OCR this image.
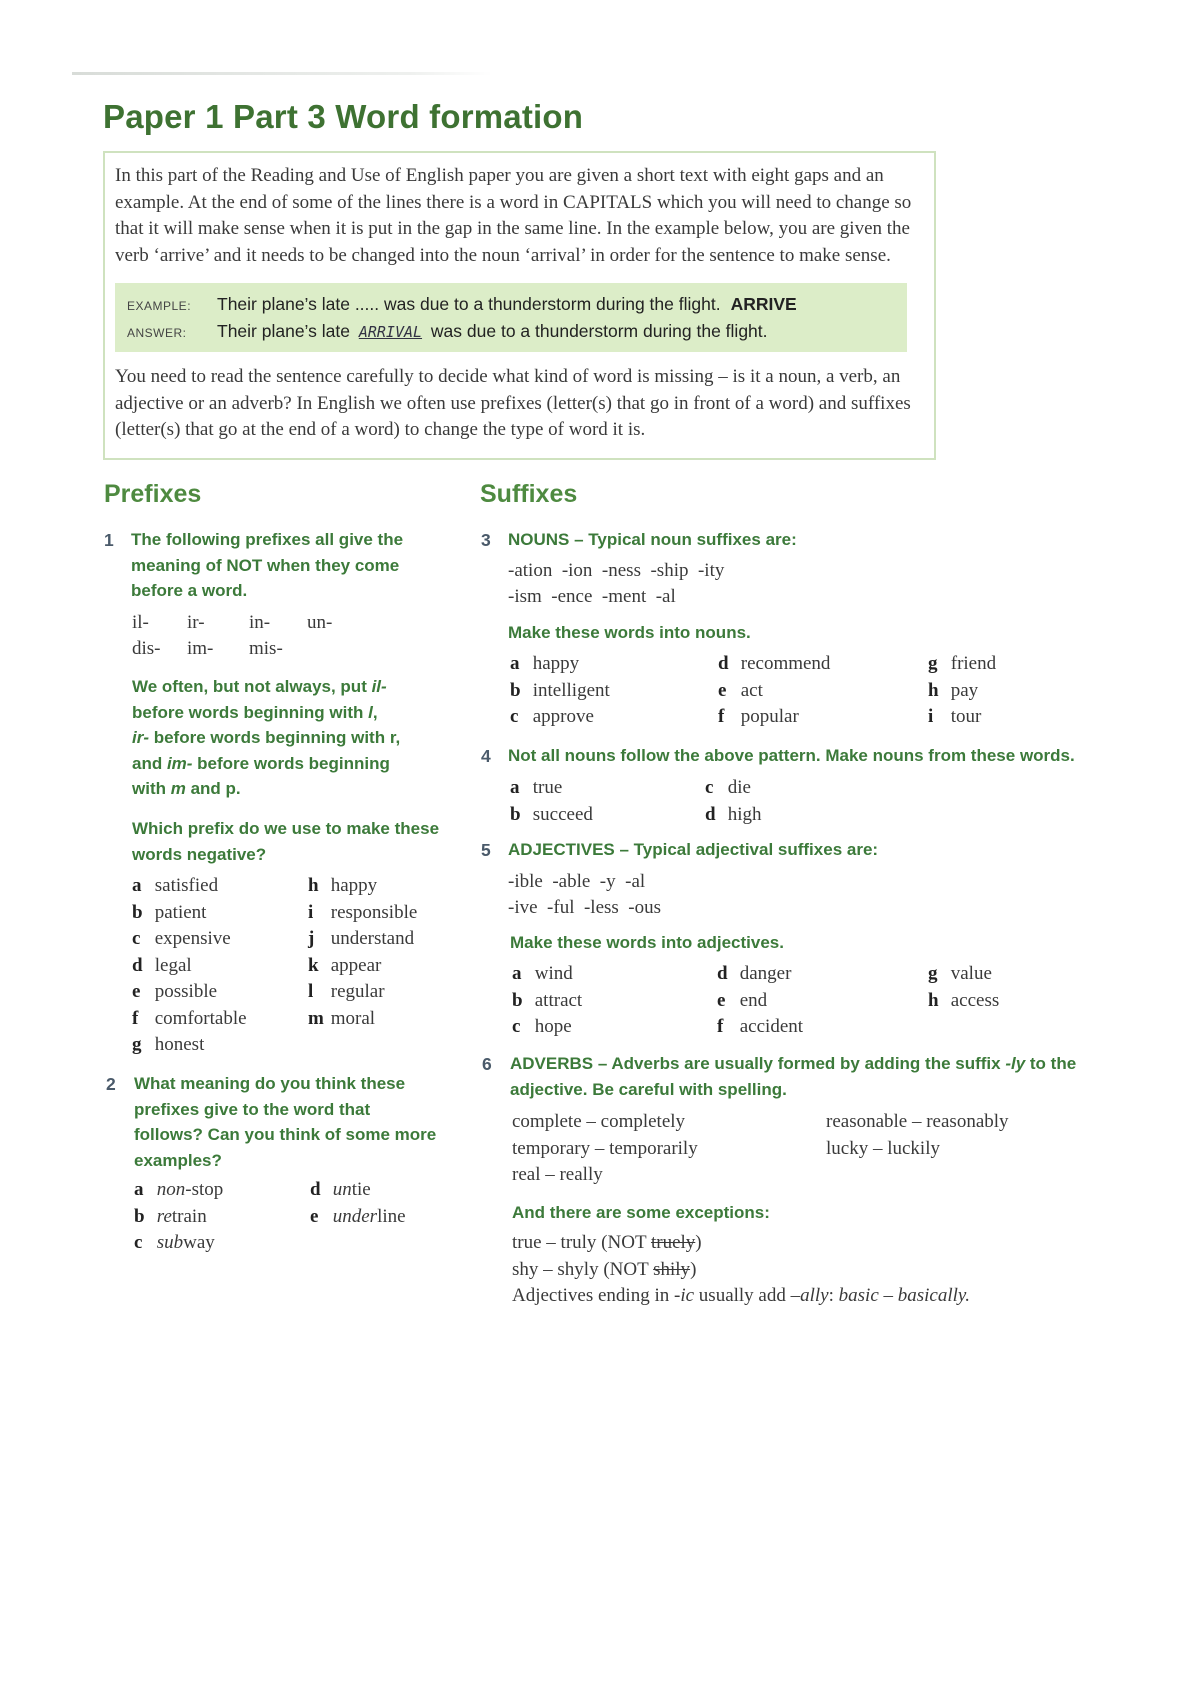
Paper 1 Part 3 Word formation

In this part of the Reading and Use of English paper you are given a short text with eight gaps and an example. At the end of some of the lines there is a word in CAPITALS which you will need to change so that it will make sense when it is put in the gap in the same line. In the example below, you are given the verb ‘arrive’ and it needs to be changed into the noun ‘arrival’ in order for the sentence to make sense.

EXAMPLE: Their plane’s late ..... was due to a thunderstorm during the flight. ARRIVE
ANSWER: Their plane’s late ARRIVAL was due to a thunderstorm during the flight.

You need to read the sentence carefully to decide what kind of word is missing – is it a noun, a verb, an adjective or an adverb? In English we often use prefixes (letter(s) that go in front of a word) and suffixes (letter(s) that go at the end of a word) to change the type of word it is.

Prefixes
1 The following prefixes all give the
meaning of NOT when they come
before a word.
il- ir- in- un-
dis- im- mis-
We often, but not always, put il-
before words beginning with l,
ir- before words beginning with r,
and im- before words beginning
with m and p.
Which prefix do we use to make these
words negative?
a satisfied
b patient
c expensive
d legal
e possible
f comfortable
g honest
h happy
i responsible
j understand
k appear
l regular
m moral
2 What meaning do you think these
prefixes give to the word that
follows? Can you think of some more
examples?
a non-stop
b retrain
c subway
d untie
e underline
Suffixes
3 NOUNS – Typical noun suffixes are:
-ation  -ion  -ness  -ship  -ity
-ism  -ence  -ment  -al
Make these words into nouns.
a happy
b intelligent
c approve
d recommend
e act
f popular
g friend
h pay
i tour
4 Not all nouns follow the above pattern. Make nouns from these words.
a true
b succeed
c die
d high
5 ADJECTIVES – Typical adjectival suffixes are:
-ible  -able  -y  -al
-ive  -ful  -less  -ous
Make these words into adjectives.
a wind
b attract
c hope
d danger
e end
f accident
g value
h access
6 ADVERBS – Adverbs are usually formed by adding the suffix -ly to the
adjective. Be careful with spelling.
complete – completely
temporary – temporarily
real – really
reasonable – reasonably
lucky – luckily
And there are some exceptions:
true – truly (NOT truely)
shy – shyly (NOT shily)
Adjectives ending in -ic usually add –ally: basic – basically.
